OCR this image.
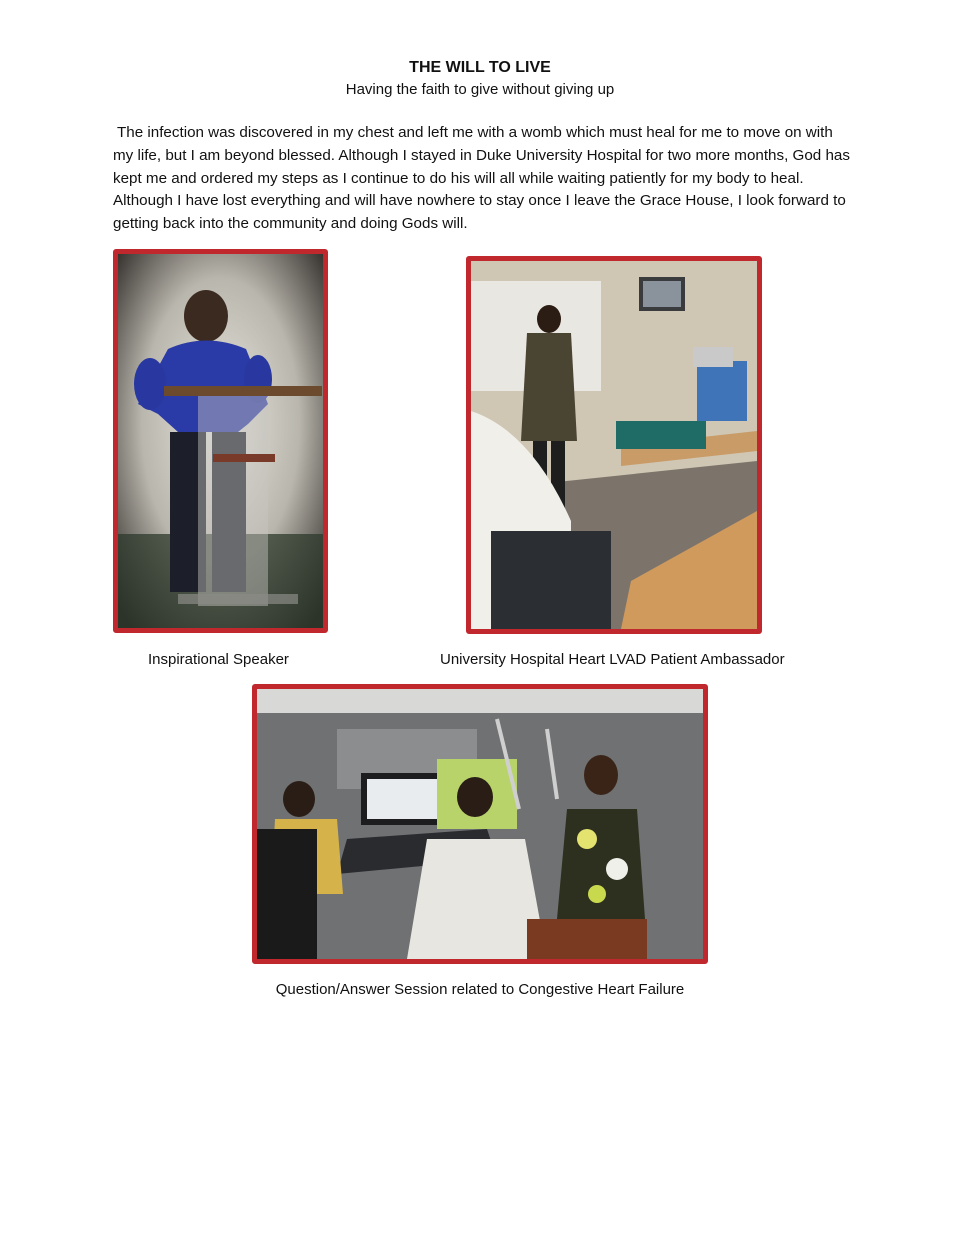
THE WILL TO LIVE
Having the faith to give without giving up
The infection was discovered in my chest and left me with a womb which must heal for me to move on with my life, but I am beyond blessed. Although I stayed in Duke University Hospital for two more months, God has kept me and ordered my steps as I continue to do his will all while waiting patiently for my body to heal. Although I have lost everything and will have nowhere to stay once I leave the Grace House, I look forward to getting back into the community and doing Gods will.
Inspirational Speaker	University Hospital Heart LVAD Patient Ambassador
Question/Answer Session related to Congestive Heart Failure
